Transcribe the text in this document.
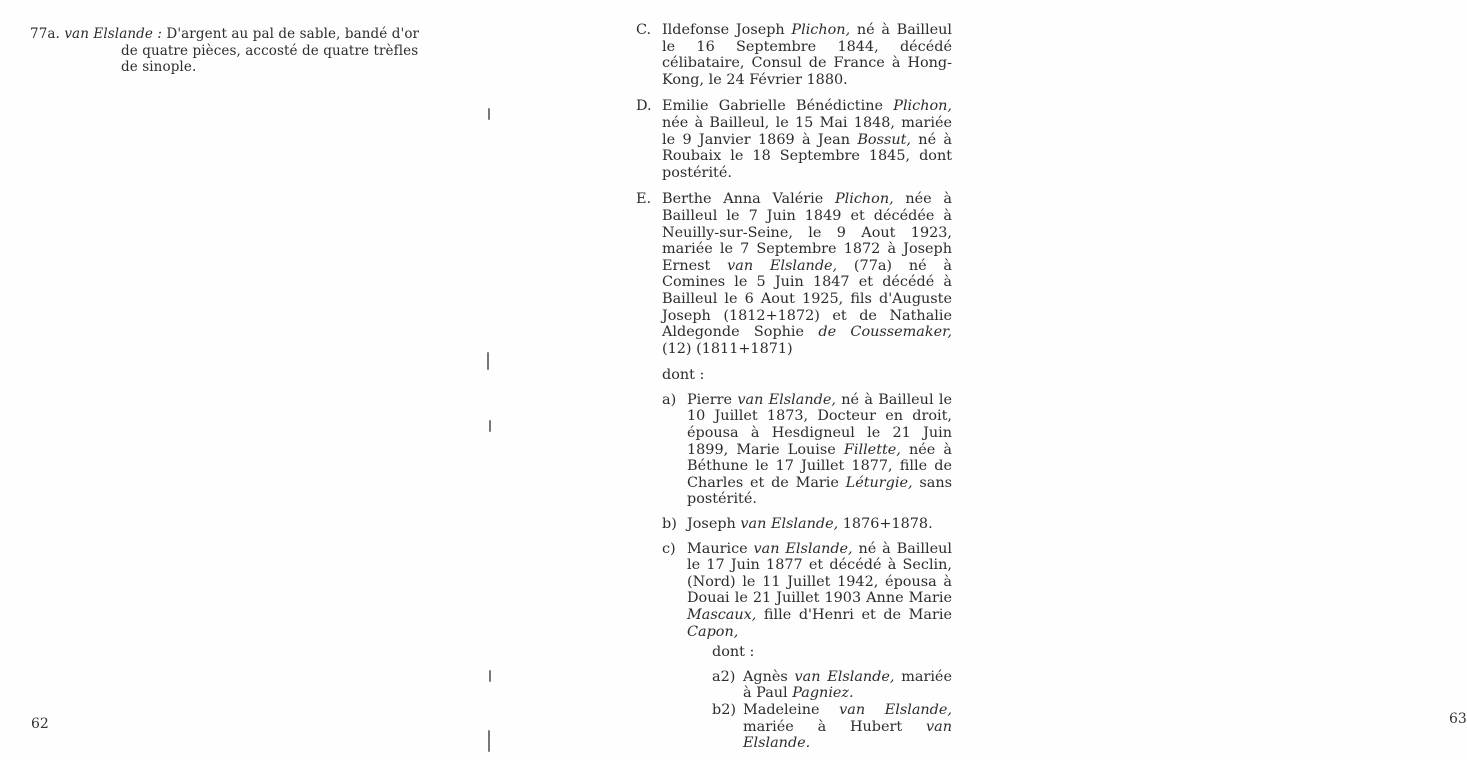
77a. van Elslande : D'argent au pal de sable, bandé d'or
de quatre pièces, accosté de quatre trèfles
de sinople.
62
C. Ildefonse Joseph Plichon, né à Bailleul le 16 Septembre 1844, décédé célibataire, Consul de France à Hong-Kong, le 24 Février 1880.
D. Emilie Gabrielle Bénédictine Plichon, née à Bailleul, le 15 Mai 1848, mariée le 9 Janvier 1869 à Jean Bossut, né à Roubaix le 18 Septembre 1845, dont postérité.
E. Berthe Anna Valérie Plichon, née à Bailleul le 7 Juin 1849 et décédée à Neuilly-sur-Seine, le 9 Aout 1923, mariée le 7 Septembre 1872 à Joseph Ernest van Elslande, (77a) né à Comines le 5 Juin 1847 et décédé à Bailleul le 6 Aout 1925, fils d'Auguste Joseph (1812+1872) et de Nathalie Aldegonde Sophie de Coussemaker, (12) (1811+1871)
dont :
a) Pierre van Elslande, né à Bailleul le 10 Juillet 1873, Docteur en droit, épousa à Hesdigneul le 21 Juin 1899, Marie Louise Fillette, née à Béthune le 17 Juillet 1877, fille de Charles et de Marie Léturgie, sans postérité.
b) Joseph van Elslande, 1876+1878.
c) Maurice van Elslande, né à Bailleul le 17 Juin 1877 et décédé à Seclin, (Nord) le 11 Juillet 1942, épousa à Douai le 21 Juillet 1903 Anne Marie Mascaux, fille d'Henri et de Marie Capon,
dont :
a2) Agnès van Elslande, mariée à Paul Pagniez.
b2) Madeleine van Elslande, mariée à Hubert van Elslande.
63
